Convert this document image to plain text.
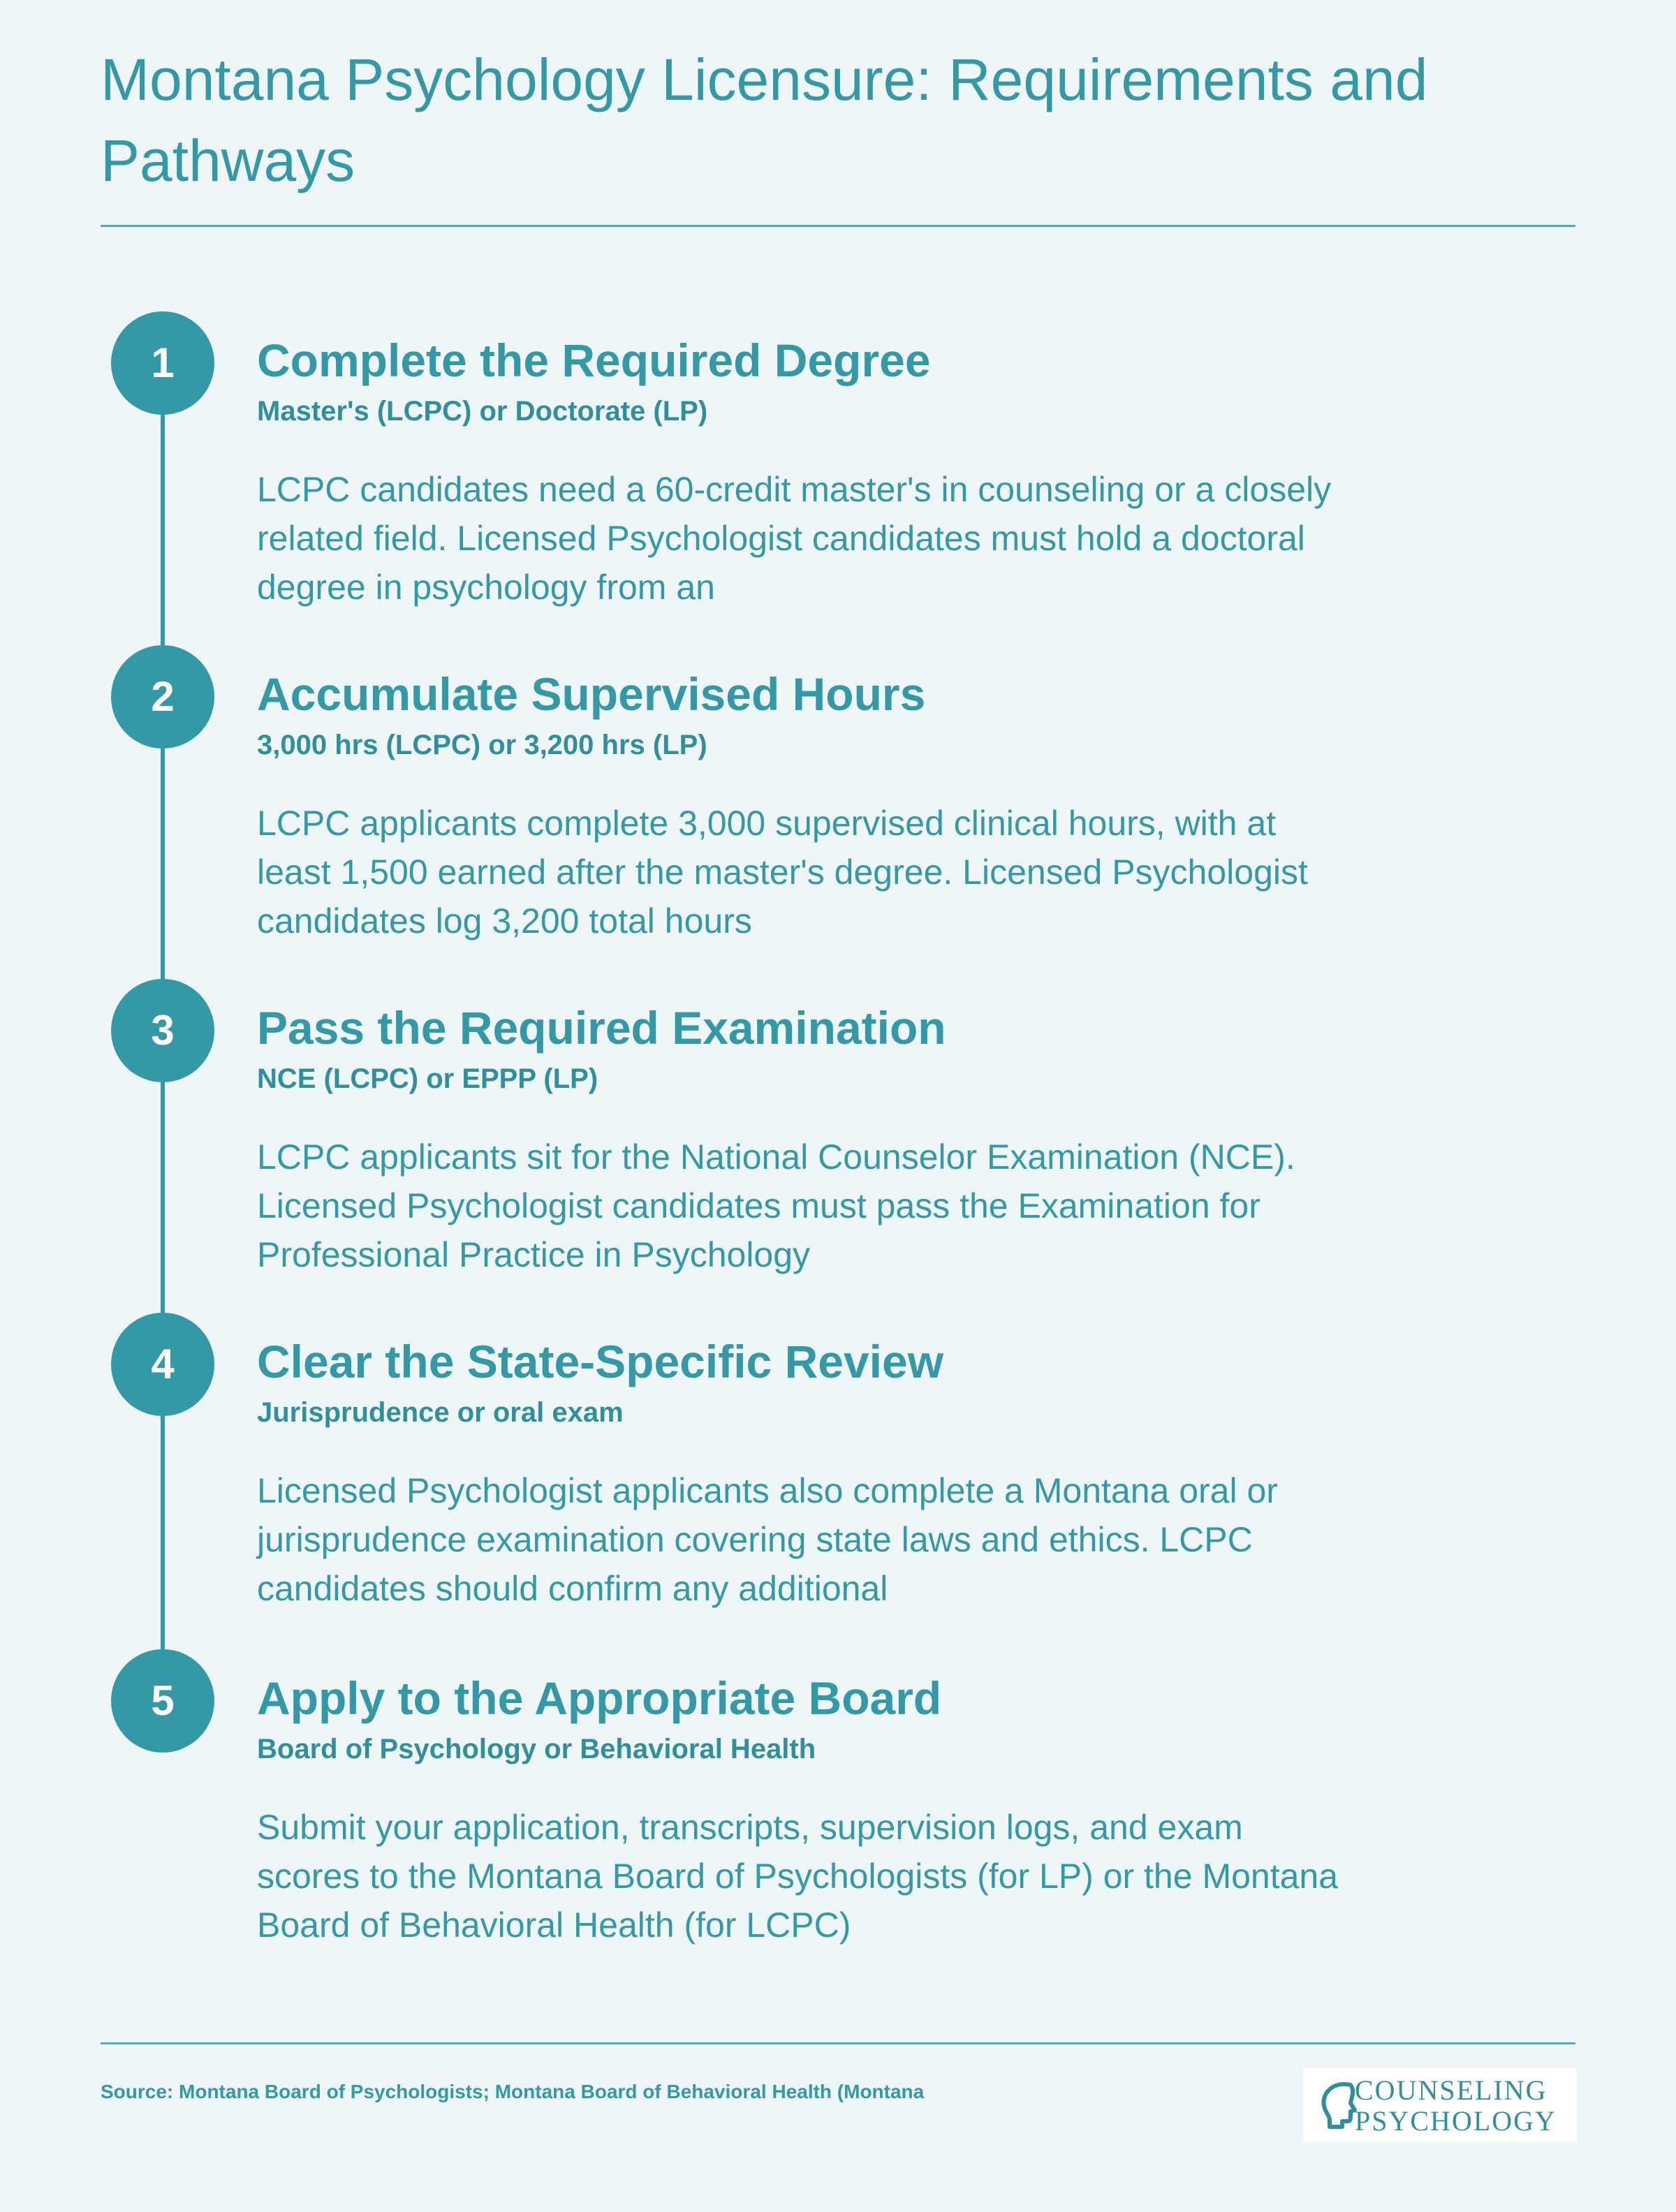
Montana Psychology Licensure: Requirements and Pathways
1	Complete the Required Degree
Master's (LCPC) or Doctorate (LP)
LCPC candidates need a 60-credit master's in counseling or a closely related field. Licensed Psychologist candidates must hold a doctoral degree in psychology from an
2	Accumulate Supervised Hours
3,000 hrs (LCPC) or 3,200 hrs (LP)
LCPC applicants complete 3,000 supervised clinical hours, with at least 1,500 earned after the master's degree. Licensed Psychologist candidates log 3,200 total hours
3	Pass the Required Examination
NCE (LCPC) or EPPP (LP)
LCPC applicants sit for the National Counselor Examination (NCE). Licensed Psychologist candidates must pass the Examination for Professional Practice in Psychology
4	Clear the State-Specific Review
Jurisprudence or oral exam
Licensed Psychologist applicants also complete a Montana oral or jurisprudence examination covering state laws and ethics. LCPC candidates should confirm any additional
5	Apply to the Appropriate Board
Board of Psychology or Behavioral Health
Submit your application, transcripts, supervision logs, and exam scores to the Montana Board of Psychologists (for LP) or the Montana Board of Behavioral Health (for LCPC)
Source: Montana Board of Psychologists; Montana Board of Behavioral Health (Montana	COUNSELING
PSYCHOLOGY
